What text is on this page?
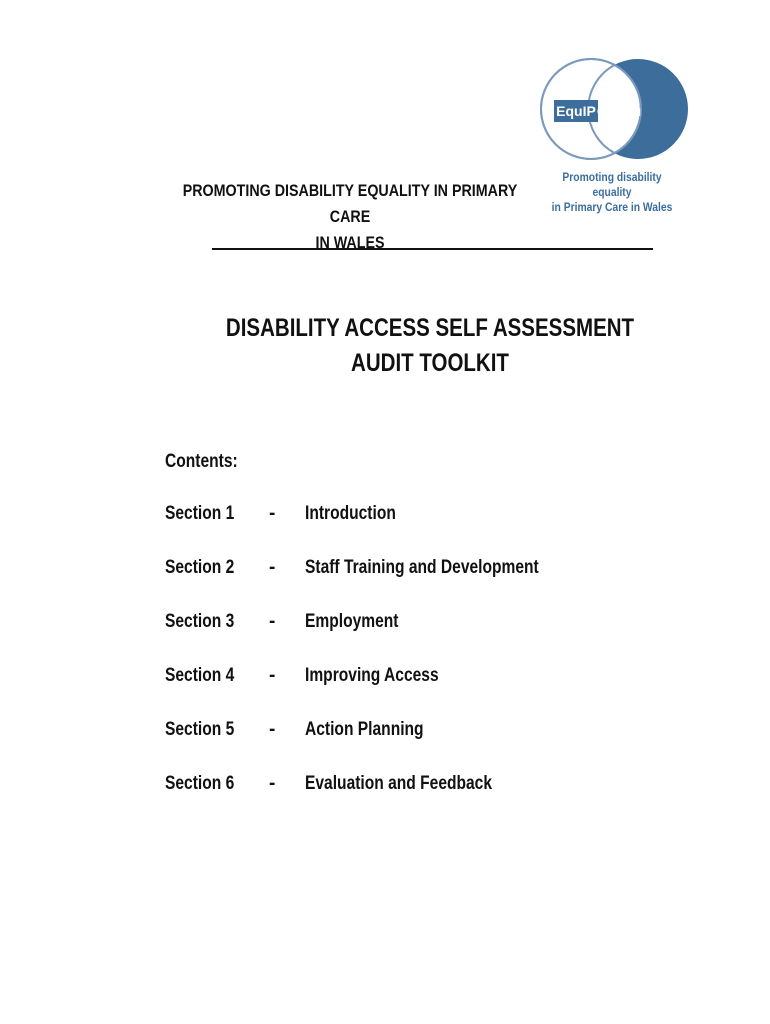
EquIP Cymru
Promoting disability equality
in Primary Care in Wales
PROMOTING DISABILITY EQUALITY IN PRIMARY CARE
IN WALES
DISABILITY ACCESS SELF ASSESSMENT
AUDIT TOOLKIT
Contents:
Section 1 - Introduction
Section 2 - Staff Training and Development
Section 3 - Employment
Section 4 - Improving Access
Section 5 - Action Planning
Section 6 - Evaluation and Feedback
